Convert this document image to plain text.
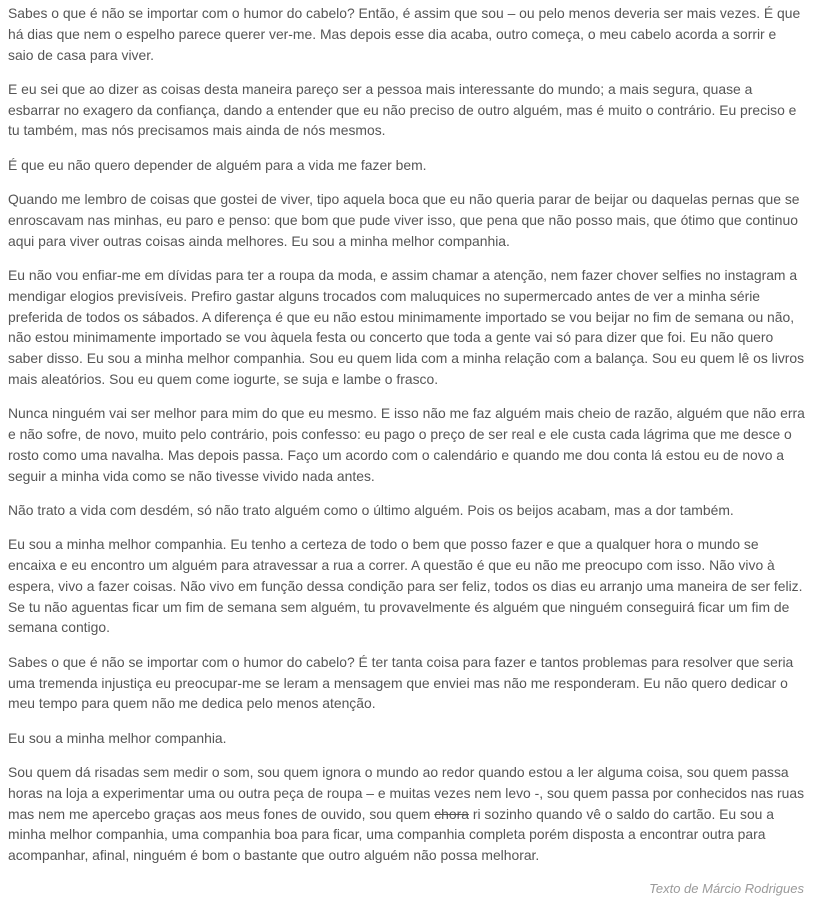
Sabes o que é não se importar com o humor do cabelo? Então, é assim que sou – ou pelo menos deveria ser mais vezes. É que há dias que nem o espelho parece querer ver-me. Mas depois esse dia acaba, outro começa, o meu cabelo acorda a sorrir e saio de casa para viver.

E eu sei que ao dizer as coisas desta maneira pareço ser a pessoa mais interessante do mundo; a mais segura, quase a esbarrar no exagero da confiança, dando a entender que eu não preciso de outro alguém, mas é muito o contrário. Eu preciso e tu também, mas nós precisamos mais ainda de nós mesmos.

É que eu não quero depender de alguém para a vida me fazer bem.

Quando me lembro de coisas que gostei de viver, tipo aquela boca que eu não queria parar de beijar ou daquelas pernas que se enroscavam nas minhas, eu paro e penso: que bom que pude viver isso, que pena que não posso mais, que ótimo que continuo aqui para viver outras coisas ainda melhores. Eu sou a minha melhor companhia.

Eu não vou enfiar-me em dívidas para ter a roupa da moda, e assim chamar a atenção, nem fazer chover selfies no instagram a mendigar elogios previsíveis. Prefiro gastar alguns trocados com maluquices no supermercado antes de ver a minha série preferida de todos os sábados. A diferença é que eu não estou minimamente importado se vou beijar no fim de semana ou não, não estou minimamente importado se vou àquela festa ou concerto que toda a gente vai só para dizer que foi. Eu não quero saber disso. Eu sou a minha melhor companhia. Sou eu quem lida com a minha relação com a balança. Sou eu quem lê os livros mais aleatórios. Sou eu quem come iogurte, se suja e lambe o frasco.

Nunca ninguém vai ser melhor para mim do que eu mesmo. E isso não me faz alguém mais cheio de razão, alguém que não erra e não sofre, de novo, muito pelo contrário, pois confesso: eu pago o preço de ser real e ele custa cada lágrima que me desce o rosto como uma navalha. Mas depois passa. Faço um acordo com o calendário e quando me dou conta lá estou eu de novo a seguir a minha vida como se não tivesse vivido nada antes.

Não trato a vida com desdém, só não trato alguém como o último alguém. Pois os beijos acabam, mas a dor também.

Eu sou a minha melhor companhia. Eu tenho a certeza de todo o bem que posso fazer e que a qualquer hora o mundo se encaixa e eu encontro um alguém para atravessar a rua a correr. A questão é que eu não me preocupo com isso. Não vivo à espera, vivo a fazer coisas. Não vivo em função dessa condição para ser feliz, todos os dias eu arranjo uma maneira de ser feliz. Se tu não aguentas ficar um fim de semana sem alguém, tu provavelmente és alguém que ninguém conseguirá ficar um fim de semana contigo.

Sabes o que é não se importar com o humor do cabelo? É ter tanta coisa para fazer e tantos problemas para resolver que seria uma tremenda injustiça eu preocupar-me se leram a mensagem que enviei mas não me responderam. Eu não quero dedicar o meu tempo para quem não me dedica pelo menos atenção.

Eu sou a minha melhor companhia.

Sou quem dá risadas sem medir o som, sou quem ignora o mundo ao redor quando estou a ler alguma coisa, sou quem passa horas na loja a experimentar uma ou outra peça de roupa – e muitas vezes nem levo -, sou quem passa por conhecidos nas ruas mas nem me apercebo graças aos meus fones de ouvido, sou quem chora ri sozinho quando vê o saldo do cartão. Eu sou a minha melhor companhia, uma companhia boa para ficar, uma companhia completa porém disposta a encontrar outra para acompanhar, afinal, ninguém é bom o bastante que outro alguém não possa melhorar.

Texto de Márcio Rodrigues
